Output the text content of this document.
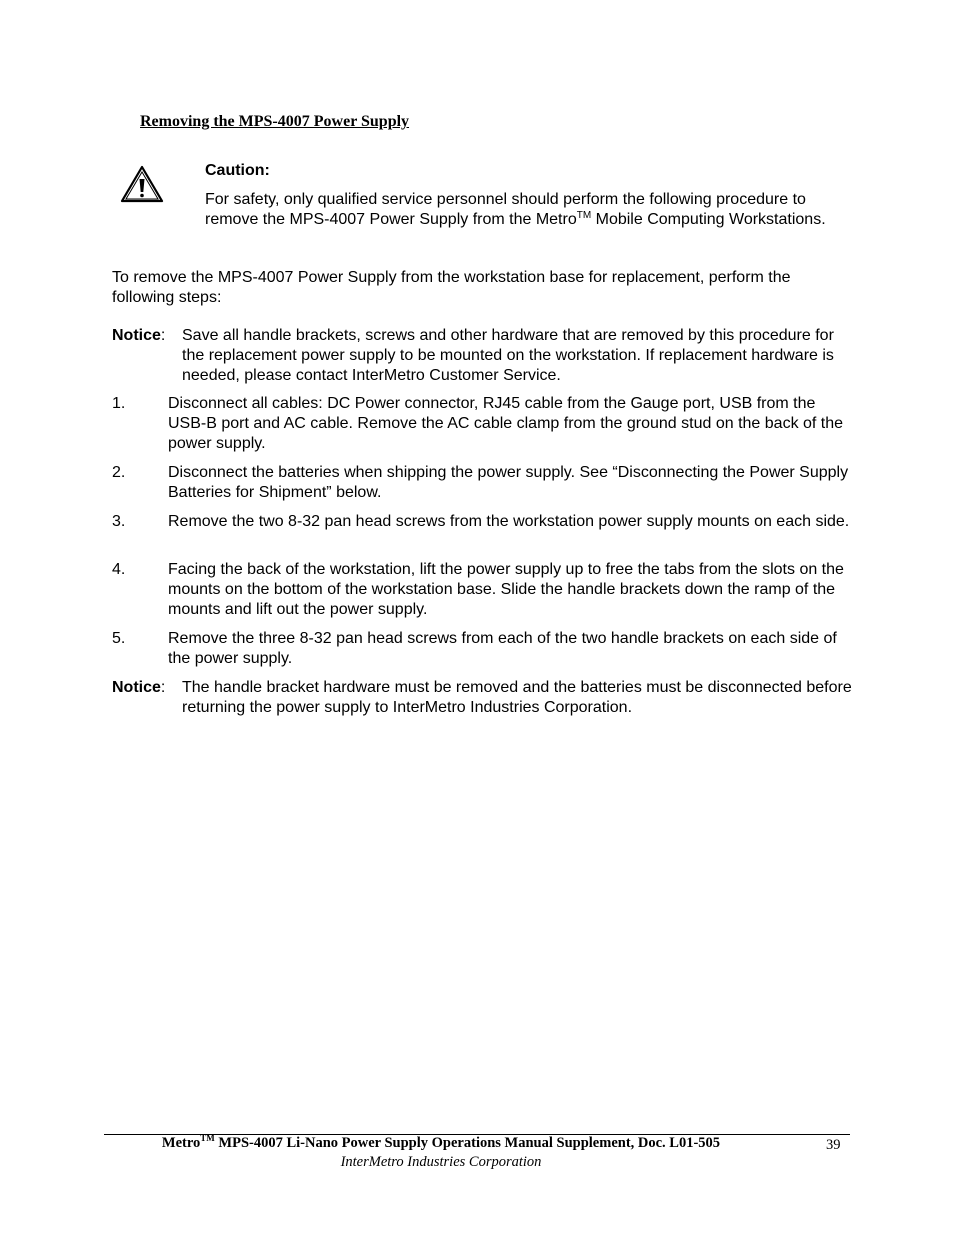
Removing the MPS-4007 Power Supply
Caution:
For safety, only qualified service personnel should perform the following procedure to remove the MPS-4007 Power Supply from the Metro™ Mobile Computing Workstations.
To remove the MPS-4007 Power Supply from the workstation base for replacement, perform the following steps:
Notice: Save all handle brackets, screws and other hardware that are removed by this procedure for the replacement power supply to be mounted on the workstation. If replacement hardware is needed, please contact InterMetro Customer Service.
1.	Disconnect all cables: DC Power connector, RJ45 cable from the Gauge port, USB from the USB-B port and AC cable. Remove the AC cable clamp from the ground stud on the back of the power supply.
2.	Disconnect the batteries when shipping the power supply. See “Disconnecting the Power Supply Batteries for Shipment” below.
3.	Remove the two 8-32 pan head screws from the workstation power supply mounts on each side.
4.	Facing the back of the workstation, lift the power supply up to free the tabs from the slots on the mounts on the bottom of the workstation base. Slide the handle brackets down the ramp of the mounts and lift out the power supply.
5.	Remove the three 8-32 pan head screws from each of the two handle brackets on each side of the power supply.
Notice: The handle bracket hardware must be removed and the batteries must be disconnected before returning the power supply to InterMetro Industries Corporation.
Metro™ MPS-4007 Li-Nano Power Supply Operations Manual Supplement, Doc. L01-505	39
InterMetro Industries Corporation
